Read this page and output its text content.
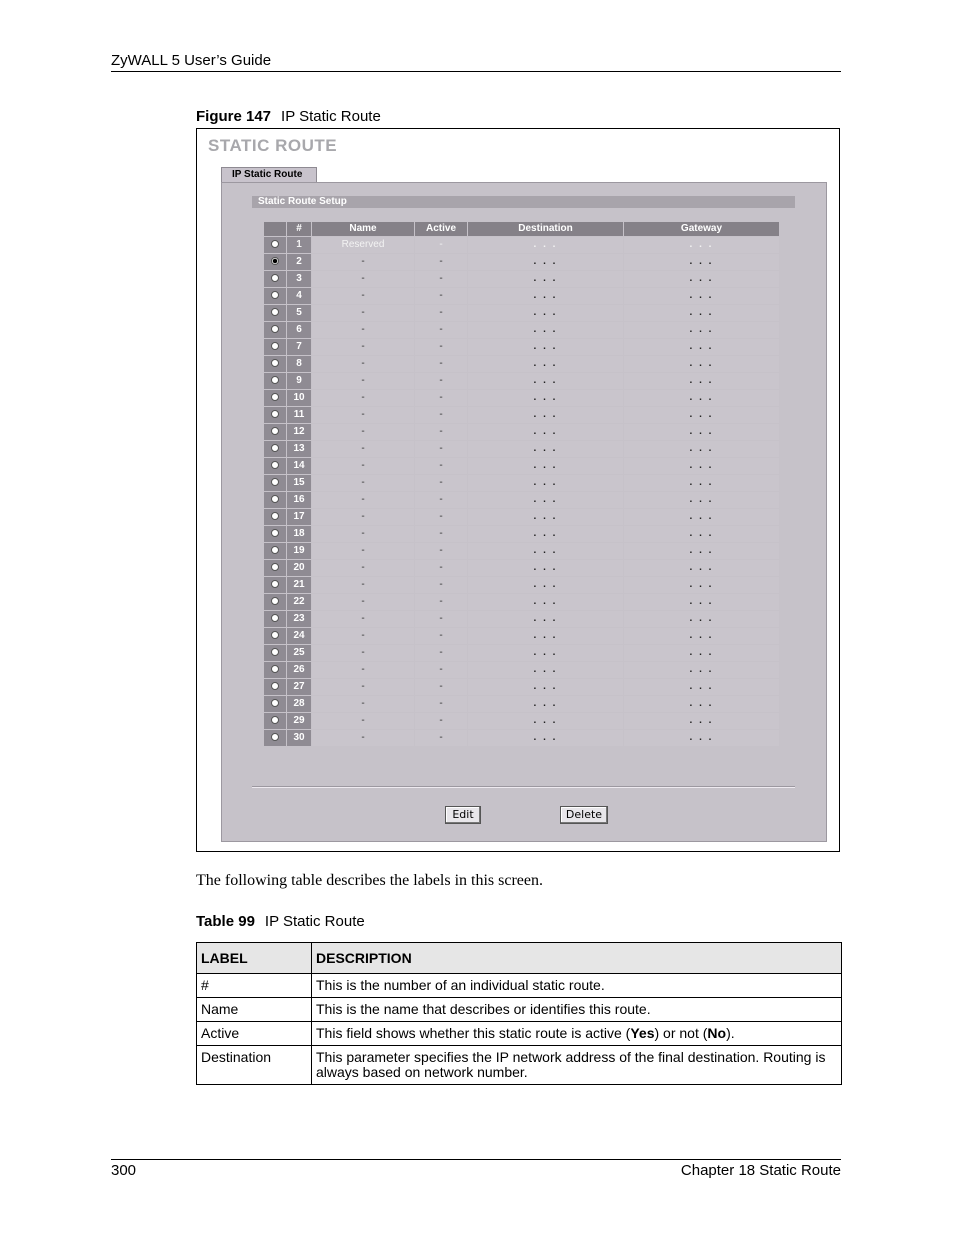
ZyWALL 5 User’s Guide
Figure 147 IP Static Route
STATIC ROUTE
IP Static Route
Static Route Setup
	#	Name	Active	Destination	Gateway
	1	Reserved	-	. . .	. . .
	2	-	-	. . .	. . .
	3	-	-	. . .	. . .
	4	-	-	. . .	. . .
	5	-	-	. . .	. . .
	6	-	-	. . .	. . .
	7	-	-	. . .	. . .
	8	-	-	. . .	. . .
	9	-	-	. . .	. . .
	10	-	-	. . .	. . .
	11	-	-	. . .	. . .
	12	-	-	. . .	. . .
	13	-	-	. . .	. . .
	14	-	-	. . .	. . .
	15	-	-	. . .	. . .
	16	-	-	. . .	. . .
	17	-	-	. . .	. . .
	18	-	-	. . .	. . .
	19	-	-	. . .	. . .
	20	-	-	. . .	. . .
	21	-	-	. . .	. . .
	22	-	-	. . .	. . .
	23	-	-	. . .	. . .
	24	-	-	. . .	. . .
	25	-	-	. . .	. . .
	26	-	-	. . .	. . .
	27	-	-	. . .	. . .
	28	-	-	. . .	. . .
	29	-	-	. . .	. . .
	30	-	-	. . .	. . .
Edit	Delete
The following table describes the labels in this screen.
Table 99 IP Static Route
LABEL	DESCRIPTION
#	This is the number of an individual static route.
Name	This is the name that describes or identifies this route.
Active	This field shows whether this static route is active (Yes) or not (No).
Destination	This parameter specifies the IP network address of the final destination. Routing is always based on network number.
300	Chapter 18 Static Route
